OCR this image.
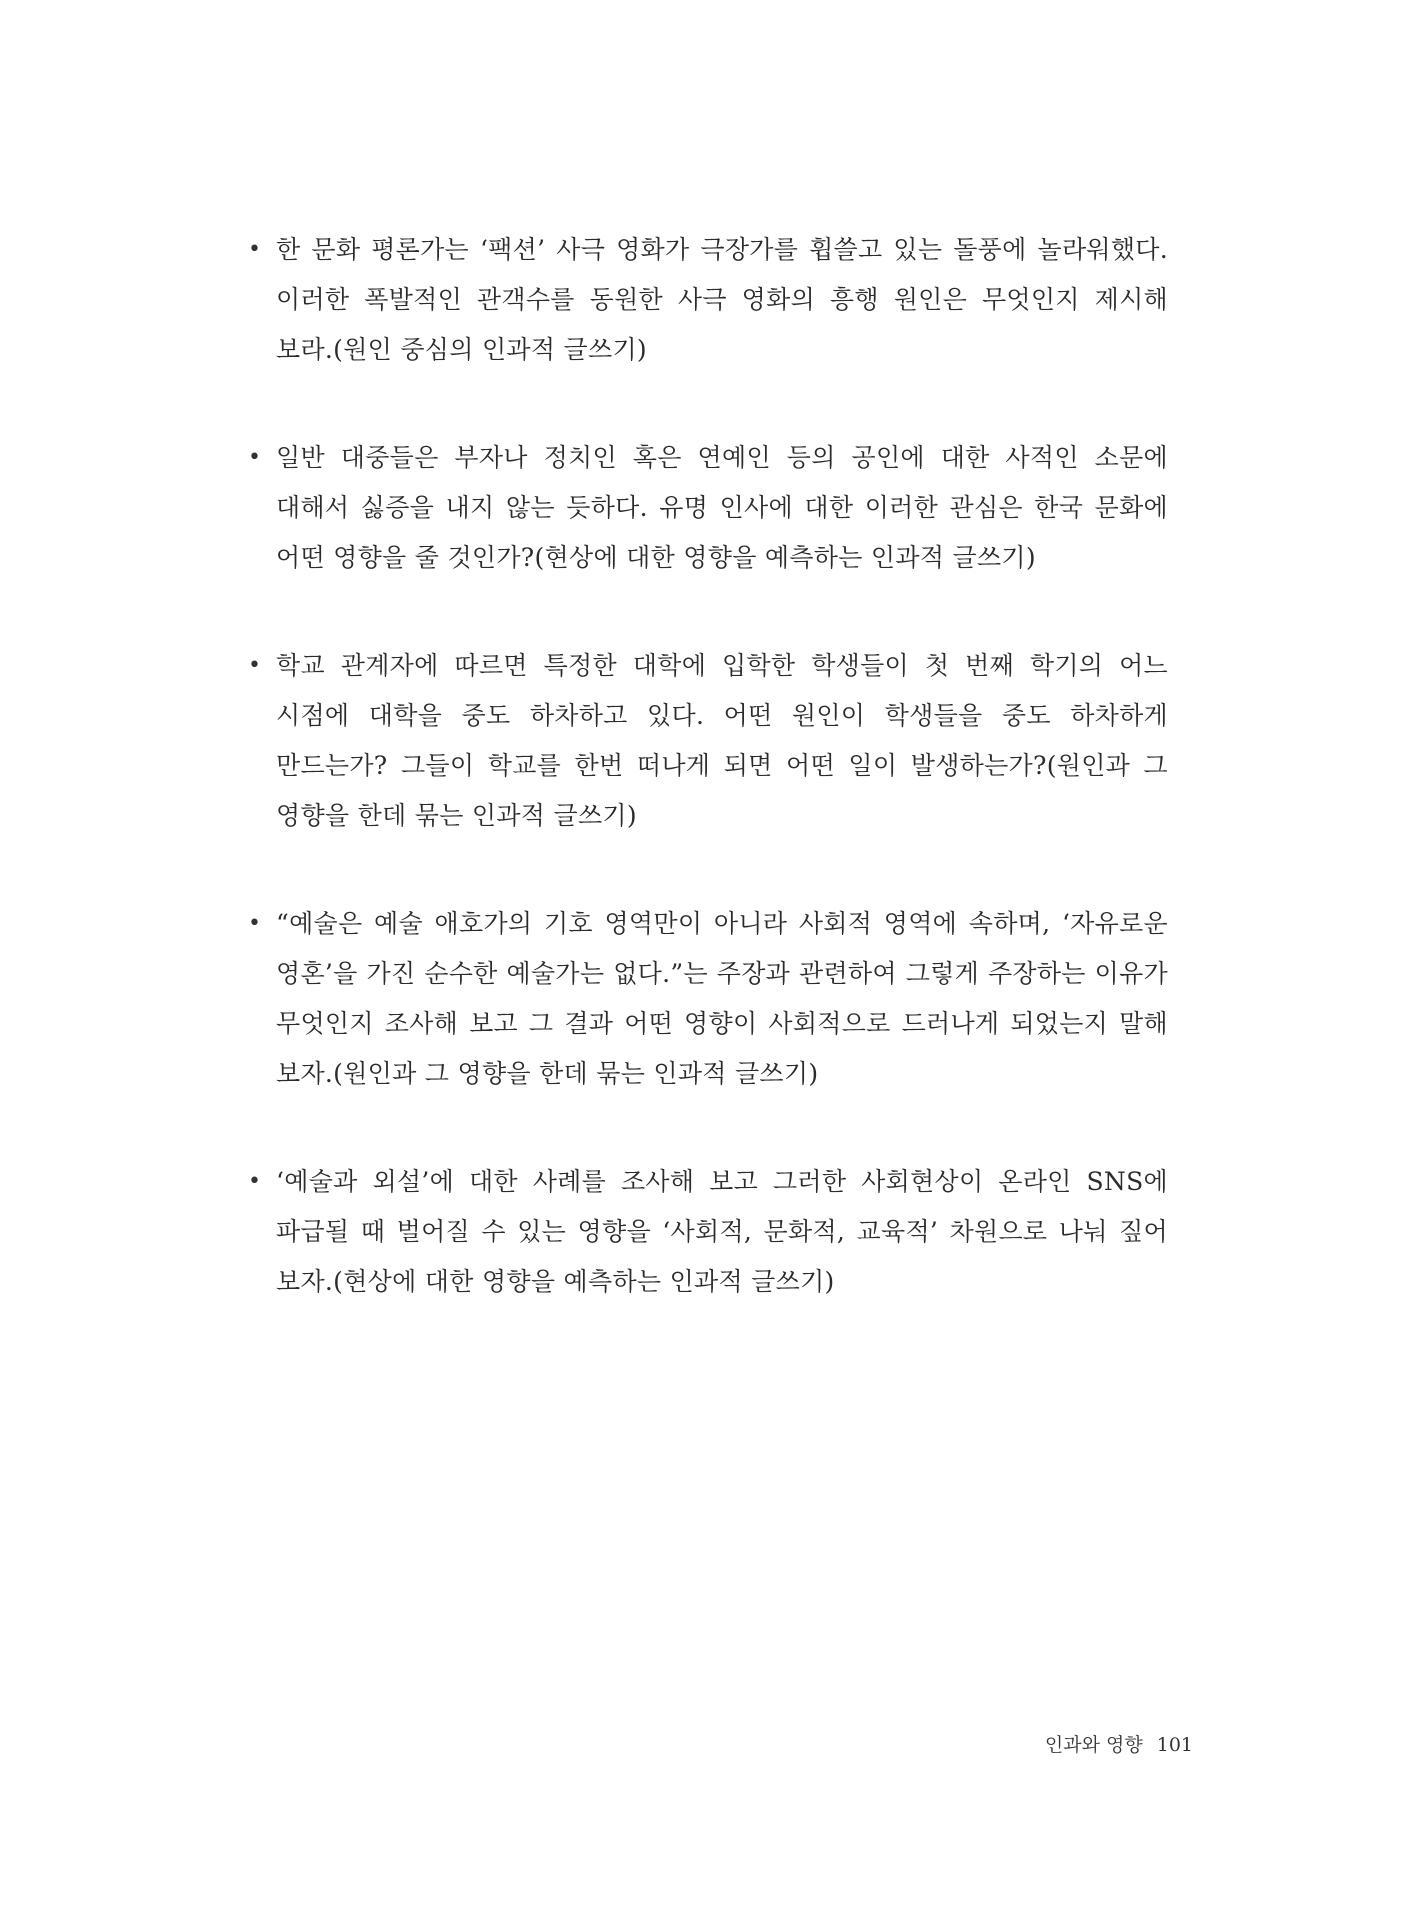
• 한 문화 평론가는 ‘팩션’ 사극 영화가 극장가를 휩쓸고 있는 돌풍에 놀라워했다. 이러한 폭발적인 관객수를 동원한 사극 영화의 흥행 원인은 무엇인지 제시해 보라.(원인 중심의 인과적 글쓰기)
• 일반 대중들은 부자나 정치인 혹은 연예인 등의 공인에 대한 사적인 소문에 대해서 싫증을 내지 않는 듯하다. 유명 인사에 대한 이러한 관심은 한국 문화에 어떤 영향을 줄 것인가?(현상에 대한 영향을 예측하는 인과적 글쓰기)
• 학교 관계자에 따르면 특정한 대학에 입학한 학생들이 첫 번째 학기의 어느 시점에 대학을 중도 하차하고 있다. 어떤 원인이 학생들을 중도 하차하게 만드는가? 그들이 학교를 한번 떠나게 되면 어떤 일이 발생하는가?(원인과 그 영향을 한데 묶는 인과적 글쓰기)
• “예술은 예술 애호가의 기호 영역만이 아니라 사회적 영역에 속하며, ‘자유로운 영혼’을 가진 순수한 예술가는 없다.”는 주장과 관련하여 그렇게 주장하는 이유가 무엇인지 조사해 보고 그 결과 어떤 영향이 사회적으로 드러나게 되었는지 말해 보자.(원인과 그 영향을 한데 묶는 인과적 글쓰기)
• ‘예술과 외설’에 대한 사례를 조사해 보고 그러한 사회현상이 온라인 SNS에 파급될 때 벌어질 수 있는 영향을 ‘사회적, 문화적, 교육적’ 차원으로 나눠 짚어 보자.(현상에 대한 영향을 예측하는 인과적 글쓰기)
인과와 영향 101
